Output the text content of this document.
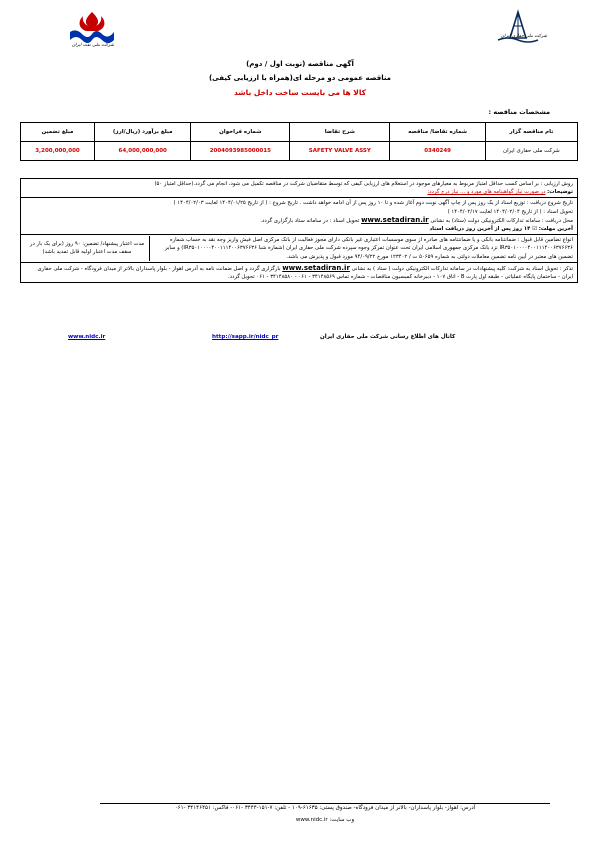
شرکت ملی نفت ایران
شرکت ملی حفاری ایران
آگهی مناقصه (نوبت اول / دوم)
مناقصه عمومی دو مرحله ای(همراه با ارزیابی کیفی)
کالا ها می بایست ساخت داخل باشد
مشخصات مناقصه :
نام مناقصه گزار	شماره تقاضا/ مناقصه	شرح تقاضا	شماره فراخوان	مبلغ برآورد (ریال/ارز)	مبلغ تضمین
شرکت ملی حفاری ایران	0340249	SAFETY VALVE ASSY	2004093985000015	64,000,000,000	3,200,000,000
روش ارزیابی : بر اساس کسب حداقل امتیاز مربوط به معیارهای موجود در استعلام های ارزیابی کیفی که توسط متقاضیان شرکت در مناقصه تکمیل می شود، انجام می گردد.(حداقل امتیاز ۵۰)
توضیحات: در صورت نیاز گواهینامه های مورد و ... نیاز درج گردد:
تاریخ شروع دریافت : توزیع اسناد از یک روز پس از چاپ آگهی نوبت دوم آغاز شده و تا ۱۰ روز پس از آن ادامه خواهد داشت . تاریخ شروع : ( از تاریخ ۱۴۰۴/۰۱/۲۵ لغایت ۱۴۰۴/۰۲/۰۳ )
تحویل اسناد : ( از تاریخ ۱۴۰۴/۰۲/۰۴ لغایت ۱۴۰۴/۰۲/۱۷ )
محل دریافت : سامانه تدارکات الکترونیکی دولت (ستاد) به نشانی www.setadiran.ir تحویل اسناد : در سامانه ستاد بارگزاری گردد.
آخرین مهلت: ☑ ۱۴ روز پس از آخرین روز دریافت اسناد
انواع تضامین قابل قبول : ضمانتنامه بانکی و یا ضمانتنامه های صادره از سوی موسسات اعتباری غیر بانکی دارای مجوز فعالیت از بانک مرکزی اصل فیش واریز وجه نقد به حساب شماره IR۳۵۰۱۰۰۰۰۴۰۰۱۱۱۴۰۰۶۳۷۶۶۳۶ نزد بانک مرکزی جمهوری اسلامی ایران تحت عنوان تمرکز وجوه سپرده شرکت ملی حفاری ایران (شماره شبا IR۳۵۰۱۰۰۰۰۴۰۰۱۱۱۴۰۰۶۳۷۶۶۳۶) و سایر تضمین های معتبر در آیین نامه تضمین معاملات دولتی به شماره ۵۰۶۵۹ ت / ۱۲۳۴۰۲ مورخ ۹۴/۰۹/۲۲ مورد قبول و پذیرش می باشد.
مدت اعتبار پیشنهاد/ تضمین: ۹۰ روز (برای یک بار در سقف مدت اعتبار اولیه قابل تمدید باشد)
تذکر : تحویل اسناد به شرکت: کلیه پیشنهادات در سامانه تدارکات الکترونیکی دولت ( ستاد ) به نشانی www.setadiran.ir بارگزاری گردد و اصل ضمانت نامه به آدرس اهواز - بلوار پاسداران بالاتر از میدان فرودگاه - شرکت ملی حفاری ایران - ساختمان پایگاه عملیاتی - طبقه اول پارت B - اتاق ۱۰۷ - دبیرخانه کمیسیون مناقصات - شماره تماس ۳۴۱۴۸۵۶۹ - ۰۶۱ - ۳۴۱۴۸۵۸۰ - ۰۶۱ تحویل گردد.
www.nidc.ir	http://sapp.ir/nidc_pr	کانال های اطلاع رسانی شرکت ملی حفاری ایران
آدرس: اهواز- بلوار پاسداران- بالاتر از میدان فرودگاه- صندوق پستی: ۶۱۶۳۵-۱۰۹ - تلفن: ۷-۱۵۱-۳۴۴۴ -۰۶۱- فاکس: ۳۴۱۴۶۴۵۱ -۰۶۱
وب سایت: www.nidc.ir
